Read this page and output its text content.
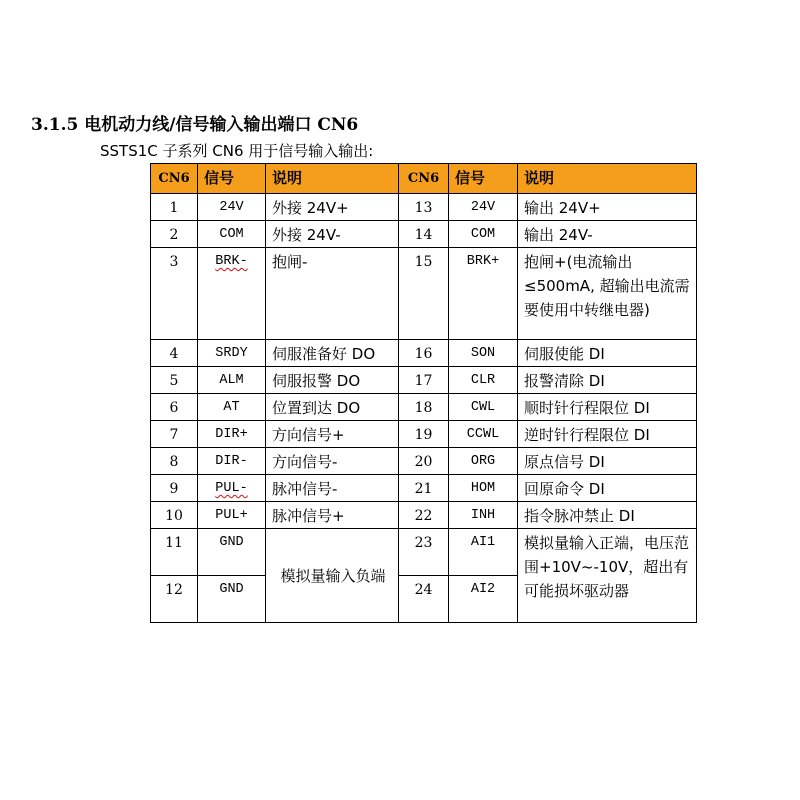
3.1.5 电机动力线/信号输入输出端口 CN6

SSTS1C 子系列 CN6 用于信号输入输出:

CN6	信号	说明	CN6	信号	说明
1	24V	外接 24V+	13	24V	输出 24V+
2	COM	外接 24V-	14	COM	输出 24V-
3	BRK-	抱闸-	15	BRK+	抱闸+(电流输出≤500mA, 超输出电流需要使用中转继电器)
4	SRDY	伺服准备好 DO	16	SON	伺服使能 DI
5	ALM	伺服报警 DO	17	CLR	报警清除 DI
6	AT	位置到达 DO	18	CWL	顺时针行程限位 DI
7	DIR+	方向信号+	19	CCWL	逆时针行程限位 DI
8	DIR-	方向信号-	20	ORG	原点信号 DI
9	PUL-	脉冲信号-	21	HOM	回原命令 DI
10	PUL+	脉冲信号+	22	INH	指令脉冲禁止 DI
11	GND	模拟量输入负端	23	AI1	模拟量输入正端，电压范围+10V~-10V，超出有可能损坏驱动器
12	GND		24	AI2	
